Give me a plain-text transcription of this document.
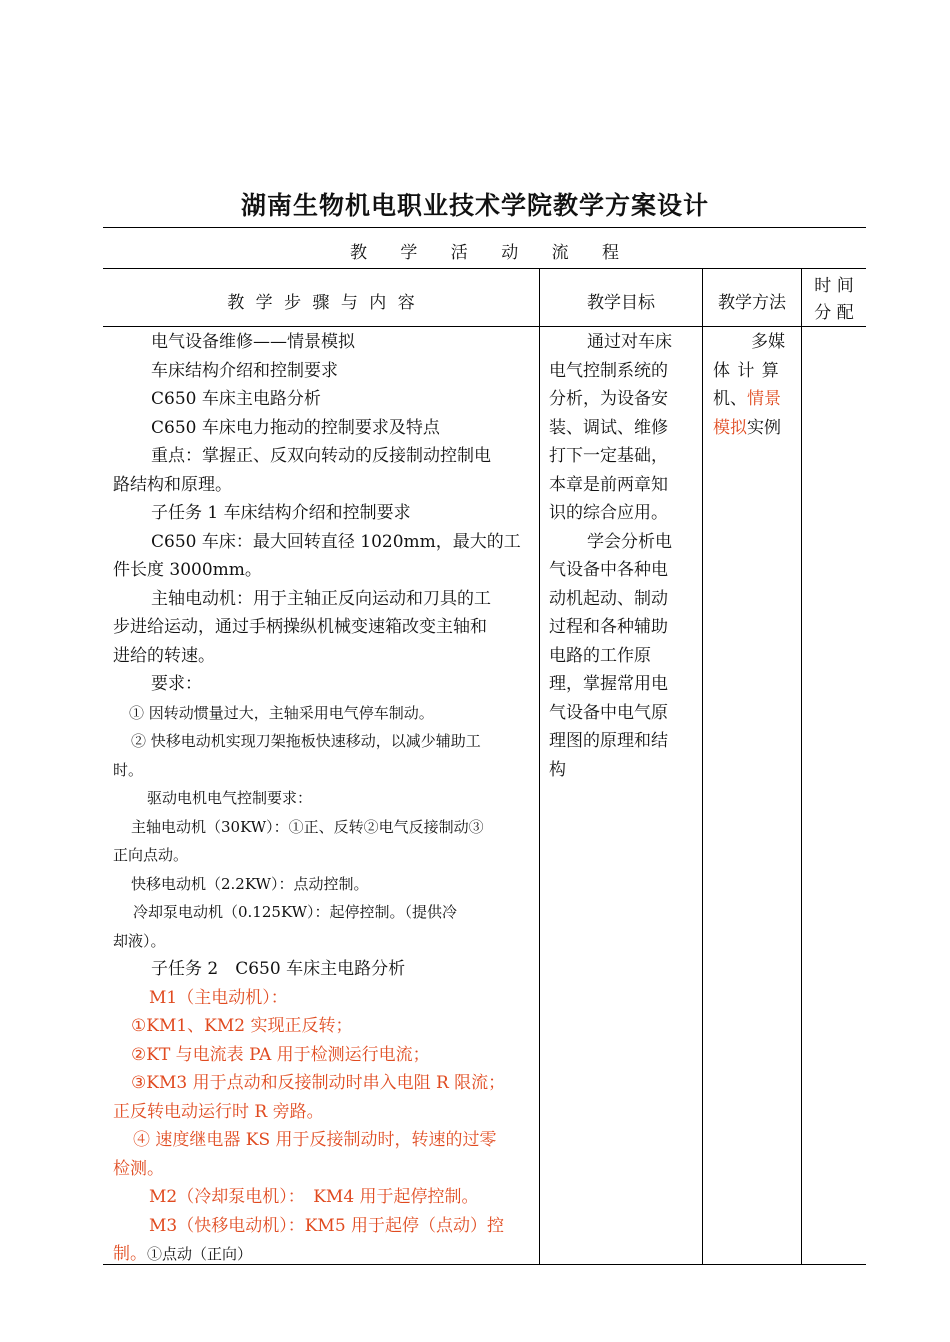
湖南生物机电职业技术学院教学方案设计
教 学 活 动 流 程
教 学 步 骤 与 内 容	教学目标	教学方法
时 间
分 配
电气设备维修——情景模拟
车床结构介绍和控制要求
C650 车床主电路分析
C650 车床电力拖动的控制要求及特点
重点：掌握正、反双向转动的反接制动控制电
路结构和原理。
子任务 1 车床结构介绍和控制要求
C650 车床：最大回转直径 1020mm，最大的工
件长度 3000mm。
主轴电动机：用于主轴正反向运动和刀具的工
步进给运动，通过手柄操纵机械变速箱改变主轴和
进给的转速。
要求：
① 因转动惯量过大，主轴采用电气停车制动。
② 快移电动机实现刀架拖板快速移动，以减少辅助工
时。
驱动电机电气控制要求：
主轴电动机（30KW）：①正、反转②电气反接制动③
正向点动。
快移电动机（2.2KW）：点动控制。
冷却泵电动机（0.125KW）：起停控制。（提供冷
却液）。
子任务 2　C650 车床主电路分析
M1（主电动机）：
①KM1、KM2 实现正反转；
②KT 与电流表 PA 用于检测运行电流；
③KM3 用于点动和反接制动时串入电阻 R 限流；
正反转电动运行时 R 旁路。
④ 速度继电器 KS 用于反接制动时，转速的过零
检测。
M2（冷却泵电机）：　KM4 用于起停控制。
M3（快移电动机）：KM5 用于起停（点动）控
制。①点动（正向）
通过对车床
电气控制系统的
分析，为设备安
装、调试、维修
打下一定基础，
本章是前两章知
识的综合应用。
学会分析电
气设备中各种电
动机起动、制动
过程和各种辅助
电路的工作原
理，掌握常用电
气设备中电气原
理图的原理和结
构
多媒
体 计 算
机、情景
模拟实例
